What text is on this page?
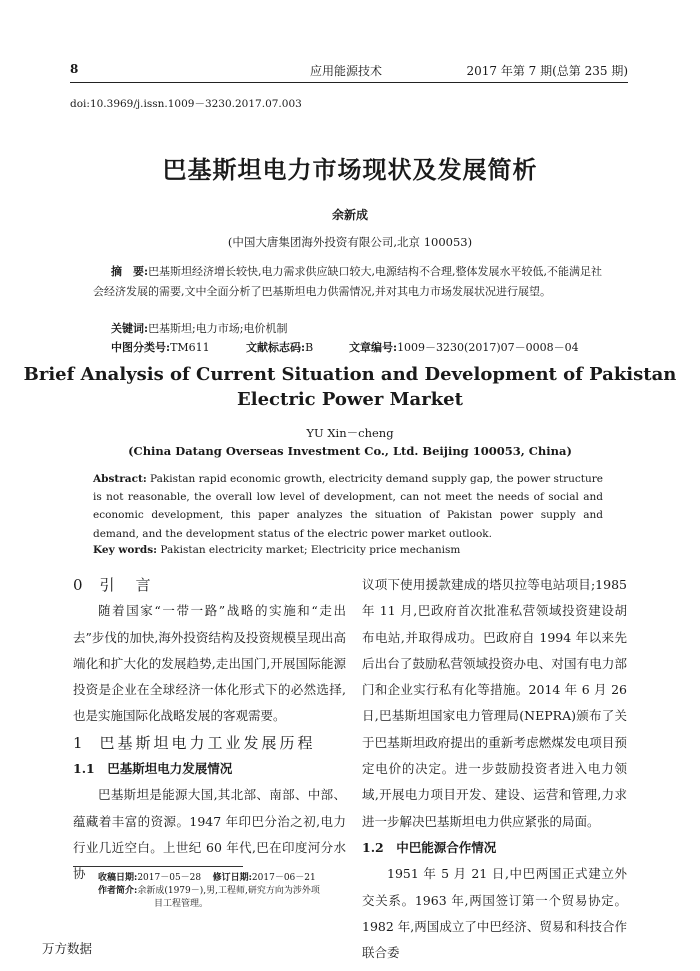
8	应用能源技术	2017 年第 7 期(总第 235 期)
doi:10.3969/j.issn.1009－3230.2017.07.003
巴基斯坦电力市场现状及发展简析
余新成
(中国大唐集团海外投资有限公司,北京 100053)
摘　要:巴基斯坦经济增长较快,电力需求供应缺口较大,电源结构不合理,整体发展水平较低,不能满足社会经济发展的需要,文中全面分析了巴基斯坦电力供需情况,并对其电力市场发展状况进行展望。
关键词:巴基斯坦;电力市场;电价机制
中图分类号:TM611	文献标志码:B	文章编号:1009－3230(2017)07－0008－04
Brief Analysis of Current Situation and Development of Pakistan
Electric Power Market
YU Xin－cheng
(China Datang Overseas Investment Co., Ltd. Beijing 100053, China)
Abstract: Pakistan rapid economic growth, electricity demand supply gap, the power structure is not reasonable, the overall low level of development, can not meet the needs of social and economic development, this paper analyzes the situation of Pakistan power supply and demand, and the development status of the electric power market outlook.
Key words: Pakistan electricity market; Electricity price mechanism
0 引　言

随着国家“一带一路”战略的实施和“走出去”步伐的加快,海外投资结构及投资规模呈现出高端化和扩大化的发展趋势,走出国门,开展国际能源投资是企业在全球经济一体化形式下的必然选择,也是实施国际化战略发展的客观需要。

1 巴基斯坦电力工业发展历程
1.1　巴基斯坦电力发展情况

巴基斯坦是能源大国,其北部、南部、中部、蕴藏着丰富的资源。1947 年印巴分治之初,电力行业几近空白。上世纪 60 年代,巴在印度河分水协

议项下使用援款建成的塔贝拉等电站项目;1985 年 11 月,巴政府首次批准私营领域投资建设胡布电站,并取得成功。巴政府自 1994 年以来先后出台了鼓励私营领域投资办电、对国有电力部门和企业实行私有化等措施。2014 年 6 月 26 日,巴基斯坦国家电力管理局(NEPRA)颁布了关于巴基斯坦政府提出的重新考虑燃煤发电项目预定电价的决定。进一步鼓励投资者进入电力领域,开展电力项目开发、建设、运营和管理,力求进一步解决巴基斯坦电力供应紧张的局面。

1.2　中巴能源合作情况

1951 年 5 月 21 日,中巴两国正式建立外交关系。1963 年,两国签订第一个贸易协定。1982 年,两国成立了中巴经济、贸易和科技合作联合委

收稿日期:2017－05－28 修订日期:2017－06－21
作者简介:余新成(1979－),男,工程师,研究方向为涉外项
目工程管理。
万方数据
